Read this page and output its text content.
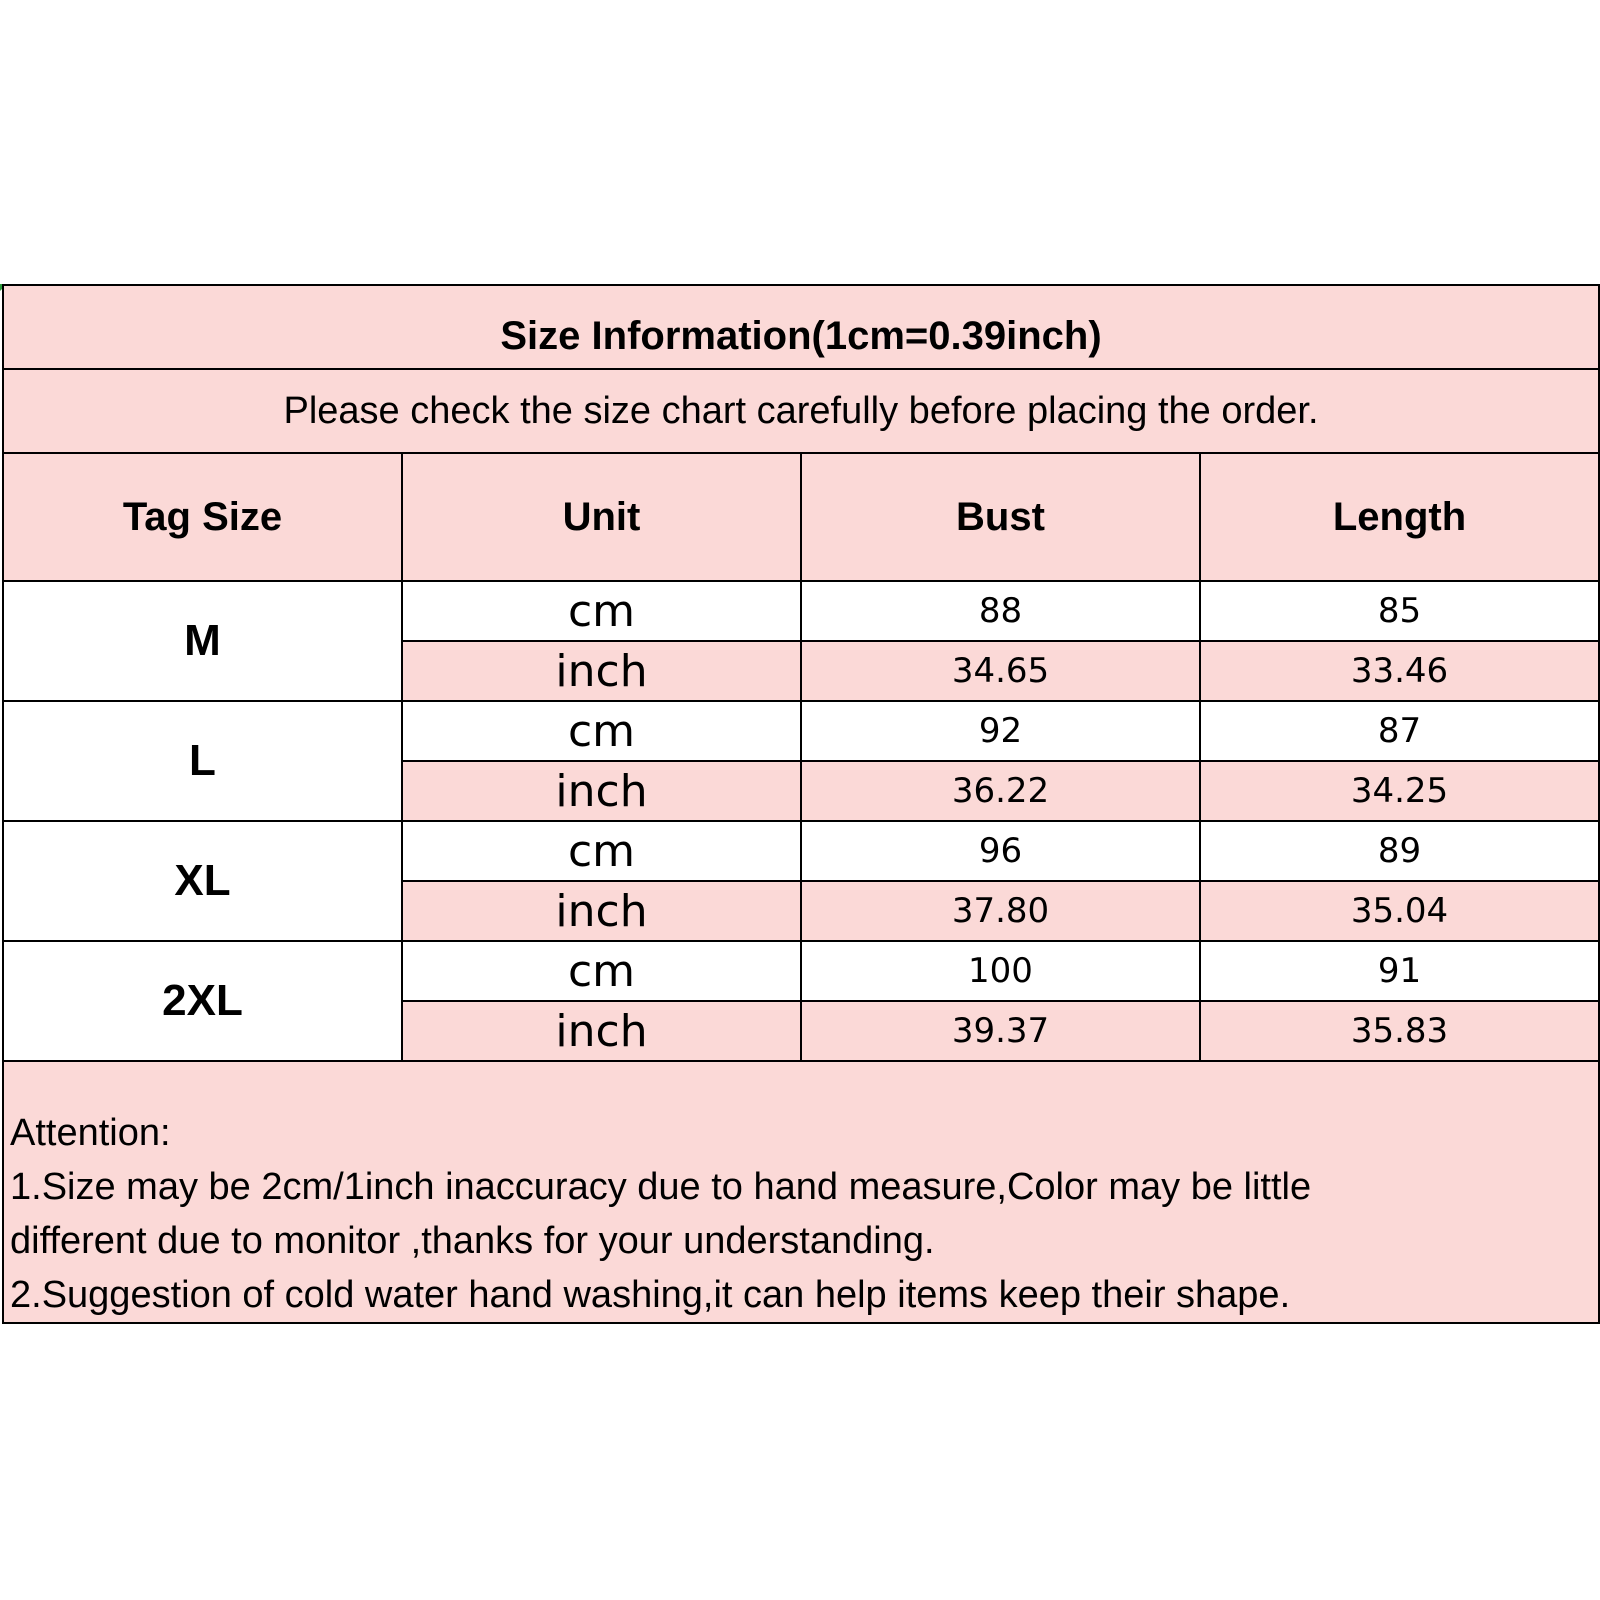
Size Information(1cm=0.39inch)			
Please check the size chart carefully before placing the order.			
Tag Size	Unit	Bust	Length
M	cm	88	85
	inch	34.65	33.46
L	cm	92	87
	inch	36.22	34.25
XL	cm	96	89
	inch	37.80	35.04
2XL	cm	100	91
	inch	39.37	35.83

Attention:
1.Size may be 2cm/1inch inaccuracy due to hand measure,Color may be little
different due to monitor ,thanks for your understanding.
2.Suggestion of cold water hand washing,it can help items keep their shape.			
